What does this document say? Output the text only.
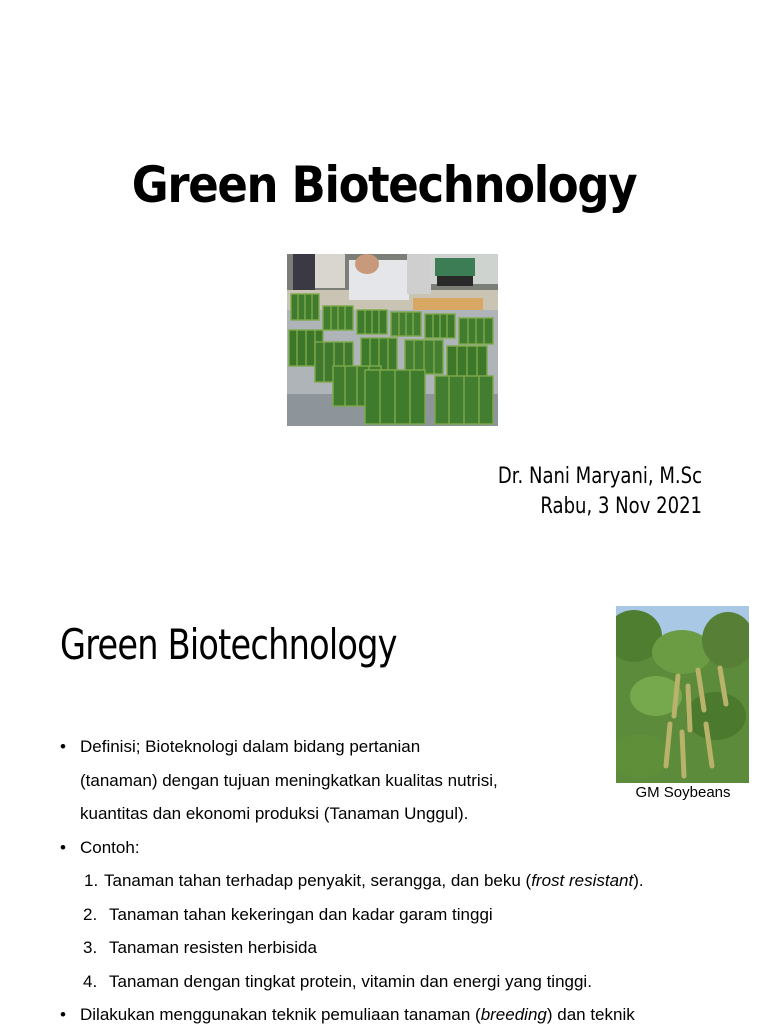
Green Biotechnology
Dr. Nani Maryani, M.Sc
Rabu, 3 Nov 2021
Green Biotechnology
GM Soybeans
• Definisi; Bioteknologi dalam bidang pertanian
(tanaman) dengan tujuan meningkatkan kualitas nutrisi,
kuantitas dan ekonomi produksi (Tanaman Unggul).
• Contoh:
1. Tanaman tahan terhadap penyakit, serangga, dan beku (frost resistant).
2. Tanaman tahan kekeringan dan kadar garam tinggi
3. Tanaman resisten herbisida
4. Tanaman dengan tingkat protein, vitamin dan energi yang tinggi.
• Dilakukan menggunakan teknik pemuliaan tanaman (breeding) dan teknik
